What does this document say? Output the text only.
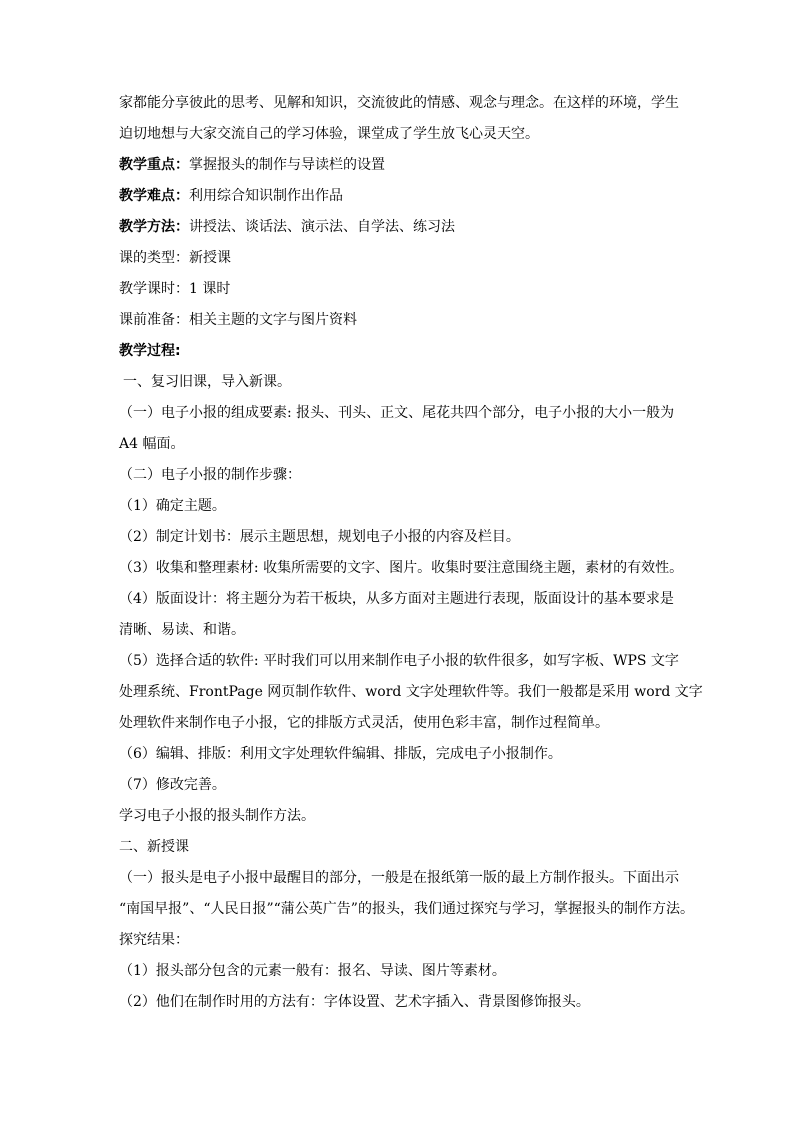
家都能分享彼此的思考、见解和知识，交流彼此的情感、观念与理念。在这样的环境，学生
迫切地想与大家交流自己的学习体验，课堂成了学生放飞心灵天空。
教学重点：掌握报头的制作与导读栏的设置
教学难点：利用综合知识制作出作品
教学方法：讲授法、谈话法、演示法、自学法、练习法
课的类型：新授课
教学课时：1 课时
课前准备：相关主题的文字与图片资料
教学过程:
一、复习旧课，导入新课。
（一）电子小报的组成要素: 报头、刊头、正文、尾花共四个部分，电子小报的大小一般为
A4 幅面。
（二）电子小报的制作步骤：
（1）确定主题。
（2）制定计划书：展示主题思想，规划电子小报的内容及栏目。
（3）收集和整理素材: 收集所需要的文字、图片。收集时要注意围绕主题，素材的有效性。
（4）版面设计：将主题分为若干板块，从多方面对主题进行表现，版面设计的基本要求是
清晰、易读、和谐。
（5）选择合适的软件: 平时我们可以用来制作电子小报的软件很多，如写字板、WPS 文字
处理系统、FrontPage 网页制作软件、word 文字处理软件等。我们一般都是采用 word 文字
处理软件来制作电子小报，它的排版方式灵活，使用色彩丰富，制作过程简单。
（6）编辑、排版：利用文字处理软件编辑、排版，完成电子小报制作。
（7）修改完善。
学习电子小报的报头制作方法。
二、新授课
（一）报头是电子小报中最醒目的部分，一般是在报纸第一版的最上方制作报头。下面出示
“南国早报”、“人民日报”“蒲公英广告”的报头，我们通过探究与学习，掌握报头的制作方法。
探究结果：
（1）报头部分包含的元素一般有：报名、导读、图片等素材。
（2）他们在制作时用的方法有：字体设置、艺术字插入、背景图修饰报头。
